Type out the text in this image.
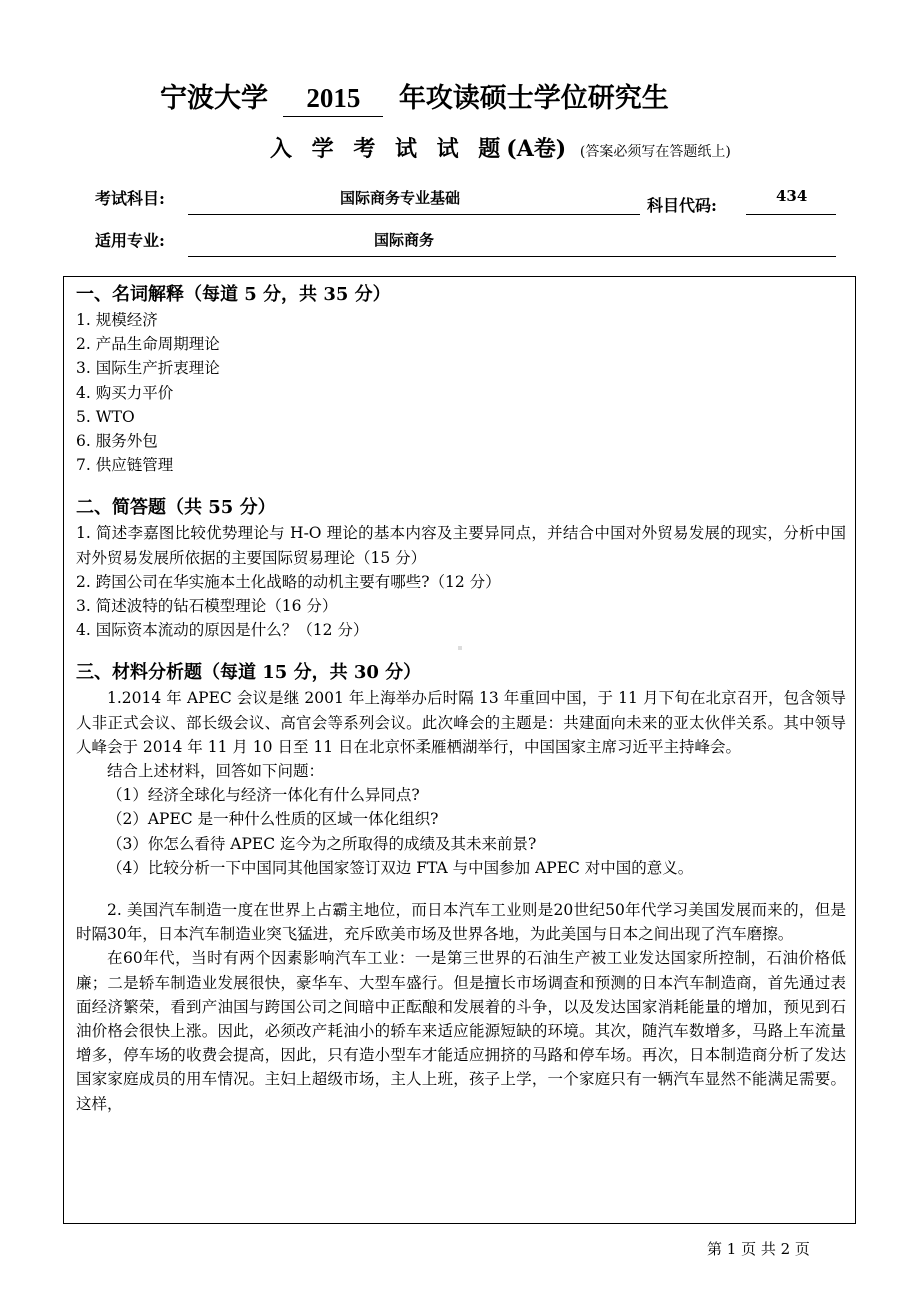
宁波大学 2015 年攻读硕士学位研究生
入 学 考 试 试 题(A卷) (答案必须写在答题纸上)
考试科目:	国际商务专业基础	科目代码:	434
适用专业:	国际商务

一、名词解释（每道 5 分，共 35 分）

1. 规模经济

2. 产品生命周期理论

3. 国际生产折衷理论

4. 购买力平价

5. WTO

6. 服务外包

7. 供应链管理

二、简答题（共 55 分）

1. 简述李嘉图比较优势理论与 H-O 理论的基本内容及主要异同点，并结合中国对外贸易发展的现实，分析中国对外贸易发展所依据的主要国际贸易理论（15 分）

2. 跨国公司在华实施本土化战略的动机主要有哪些?（12 分）

3. 简述波特的钻石模型理论（16 分）

4. 国际资本流动的原因是什么？（12 分）

三、材料分析题（每道 15 分，共 30 分）

1.2014 年 APEC 会议是继 2001 年上海举办后时隔 13 年重回中国，于 11 月下旬在北京召开，包含领导人非正式会议、部长级会议、高官会等系列会议。此次峰会的主题是：共建面向未来的亚太伙伴关系。其中领导人峰会于 2014 年 11 月 10 日至 11 日在北京怀柔雁栖湖举行，中国国家主席习近平主持峰会。

结合上述材料，回答如下问题：

（1）经济全球化与经济一体化有什么异同点?

（2）APEC 是一种什么性质的区域一体化组织?

（3）你怎么看待 APEC 迄今为之所取得的成绩及其未来前景?

（4）比较分析一下中国同其他国家签订双边 FTA 与中国参加 APEC 对中国的意义。

2. 美国汽车制造一度在世界上占霸主地位，而日本汽车工业则是20世纪50年代学习美国发展而来的，但是时隔30年，日本汽车制造业突飞猛进，充斥欧美市场及世界各地，为此美国与日本之间出现了汽车磨擦。

在60年代，当时有两个因素影响汽车工业：一是第三世界的石油生产被工业发达国家所控制，石油价格低廉；二是轿车制造业发展很快，豪华车、大型车盛行。但是擅长市场调查和预测的日本汽车制造商，首先通过表面经济繁荣，看到产油国与跨国公司之间暗中正酝酿和发展着的斗争，以及发达国家消耗能量的增加，预见到石油价格会很快上涨。因此，必须改产耗油小的轿车来适应能源短缺的环境。其次，随汽车数增多，马路上车流量增多，停车场的收费会提高，因此，只有造小型车才能适应拥挤的马路和停车场。再次，日本制造商分析了发达国家家庭成员的用车情况。主妇上超级市场，主人上班，孩子上学，一个家庭只有一辆汽车显然不能满足需要。这样，

第 1 页 共 2 页
